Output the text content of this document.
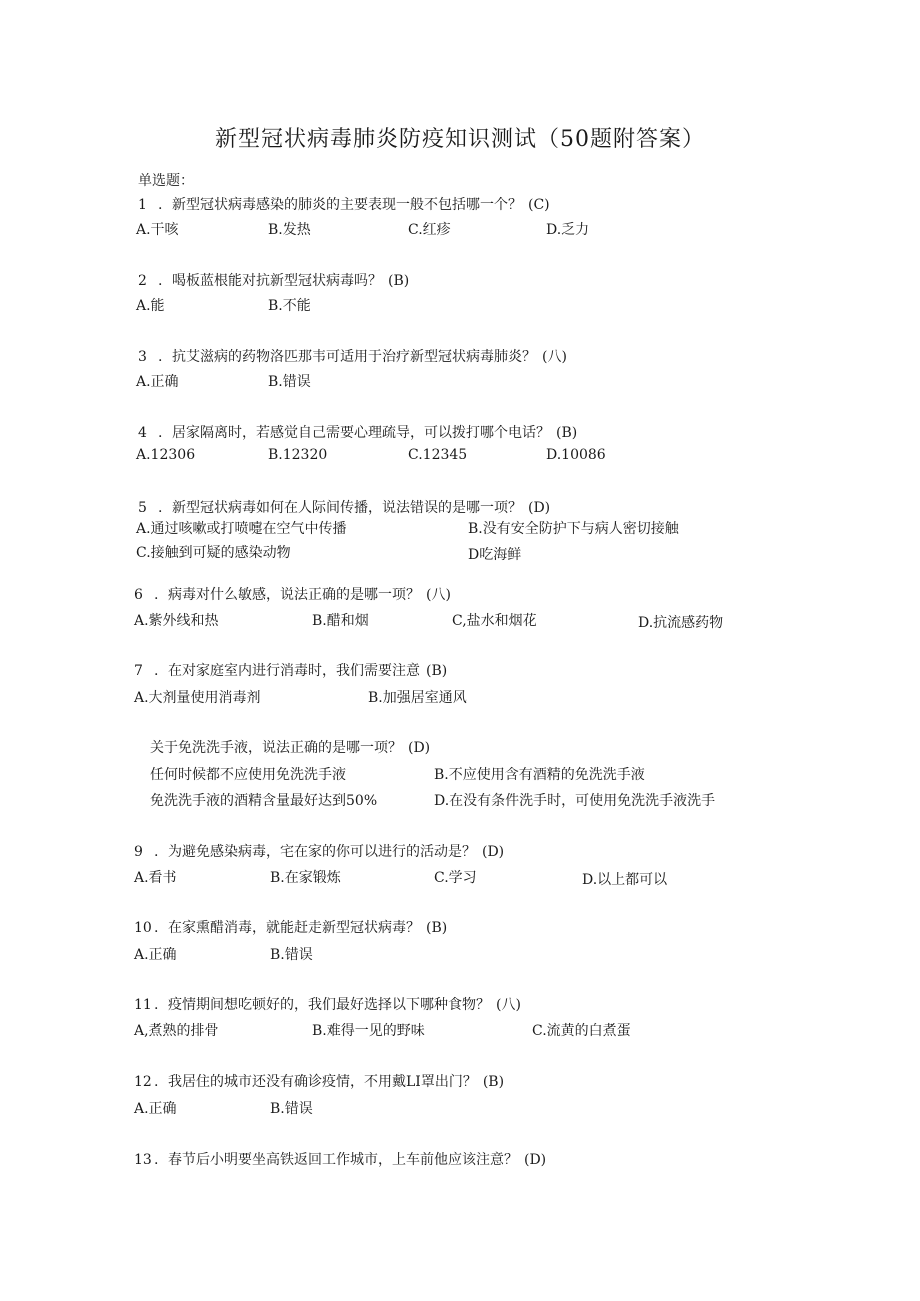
新型冠状病毒肺炎防疫知识测试（50题附答案）
单选题：
1 . 新型冠状病毒感染的肺炎的主要表现一般不包括哪一个？ (C)
A.干咳	B.发热	C.红疹	D.乏力
2 . 喝板蓝根能对抗新型冠状病毒吗？ (B)
A.能	B.不能
3 . 抗艾滋病的药物洛匹那韦可适用于治疗新型冠状病毒肺炎？ (八)
A.正确	B.错误
4 . 居家隔离时，若感觉自己需要心理疏导，可以拨打哪个电话？ (B)
A.12306	B.12320	C.12345	D.10086
5 . 新型冠状病毒如何在人际间传播，说法错误的是哪一项？ (D)
A.通过咳嗽或打喷嚏在空气中传播	B.没有安全防护下与病人密切接触
C.接触到可疑的感染动物	D吃海鲜
6 . 病毒对什么敏感，说法正确的是哪一项？ (八)
A.紫外线和热	B.醋和烟	C,盐水和烟花	D.抗流感药物
7 . 在对家庭室内进行消毒时，我们需要注意 (B)
A.大剂量使用消毒剂	B.加强居室通风
关于免洗洗手液，说法正确的是哪一项？ (D)
任何时候都不应使用免洗洗手液	B.不应使用含有酒精的免洗洗手液
免洗洗手液的酒精含量最好达到50%	D.在没有条件洗手时，可使用免洗洗手液洗手
9 . 为避免感染病毒，宅在家的你可以进行的活动是？ (D)
A.看书	B.在家锻炼	C.学习	D.以上都可以
10 . 在家熏醋消毒，就能赶走新型冠状病毒？ (B)
A.正确	B.错误
11 . 疫情期间想吃顿好的，我们最好选择以下哪种食物？ (八)
A,煮熟的排骨	B.难得一见的野味	C.流黄的白煮蛋
12 . 我居住的城市还没有确诊疫情，不用戴LI罩出门？ (B)
A.正确	B.错误
13 . 春节后小明要坐高铁返回工作城市，上车前他应该注意？ (D)
